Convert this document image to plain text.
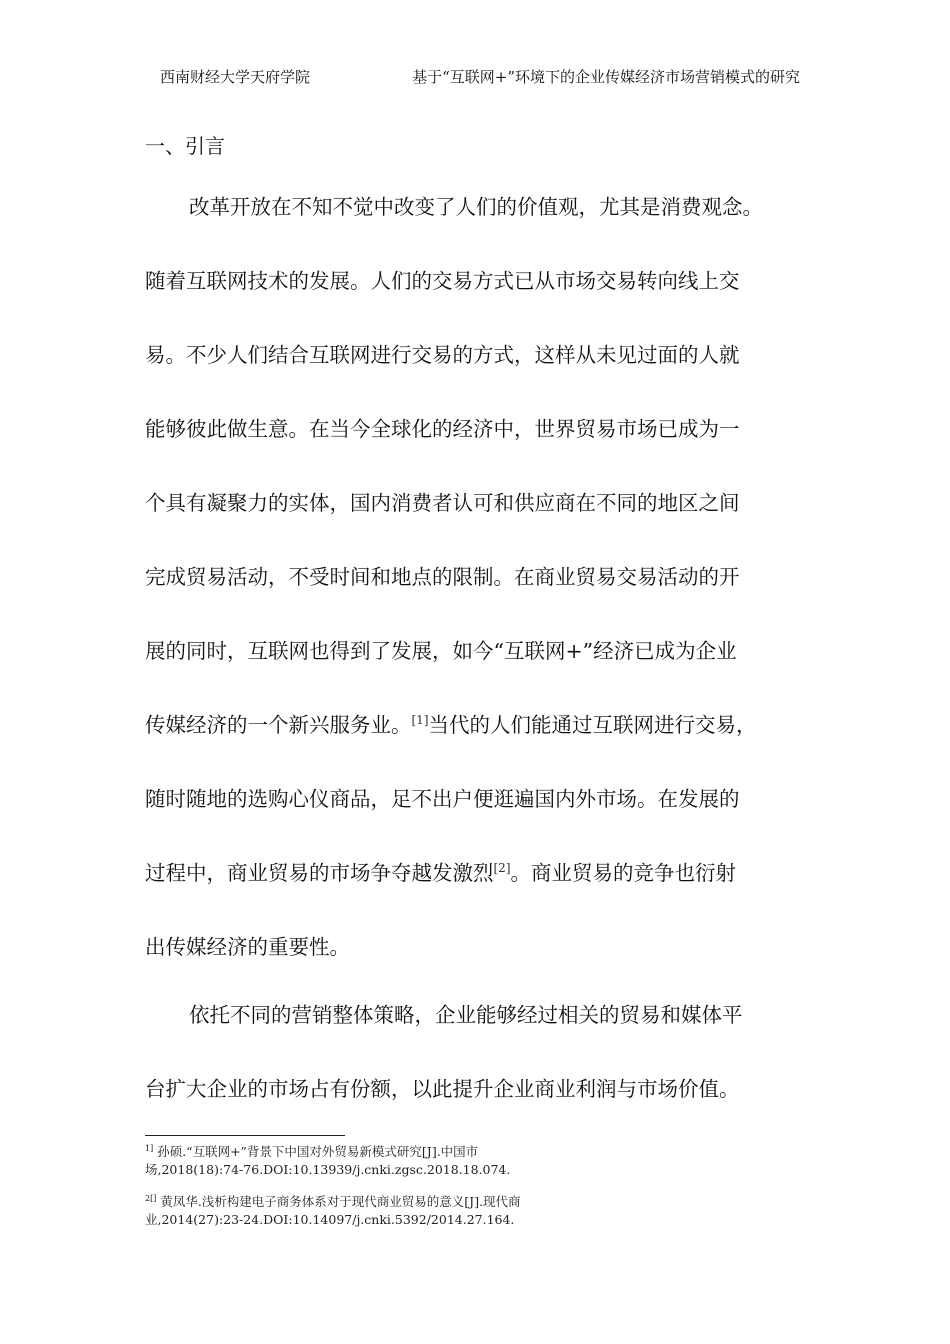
西南财经大学天府学院	基于“互联网+”环境下的企业传媒经济市场营销模式的研究
一、引言
改革开放在不知不觉中改变了人们的价值观，尤其是消费观念。
随着互联网技术的发展。人们的交易方式已从市场交易转向线上交
易。不少人们结合互联网进行交易的方式，这样从未见过面的人就
能够彼此做生意。在当今全球化的经济中，世界贸易市场已成为一
个具有凝聚力的实体，国内消费者认可和供应商在不同的地区之间
完成贸易活动，不受时间和地点的限制。在商业贸易交易活动的开
展的同时，互联网也得到了发展，如今“互联网+”经济已成为企业
传媒经济的一个新兴服务业。[1]当代的人们能通过互联网进行交易，
随时随地的选购心仪商品，足不出户便逛遍国内外市场。在发展的
过程中，商业贸易的市场争夺越发激烈[2]。商业贸易的竞争也衍射
出传媒经济的重要性。
依托不同的营销整体策略，企业能够经过相关的贸易和媒体平
台扩大企业的市场占有份额，以此提升企业商业利润与市场价值。
$^{1]}$ 孙硕.“互联网+”背景下中国对外贸易新模式研究[J].中国市
场,2018(18):74-76.DOI:10.13939/j.cnki.zgsc.2018.18.074.
$^{2[]}$ 黄凤华.浅析构建电子商务体系对于现代商业贸易的意义[J].现代商
业,2014(27):23-24.DOI:10.14097/j.cnki.5392/2014.27.164.
